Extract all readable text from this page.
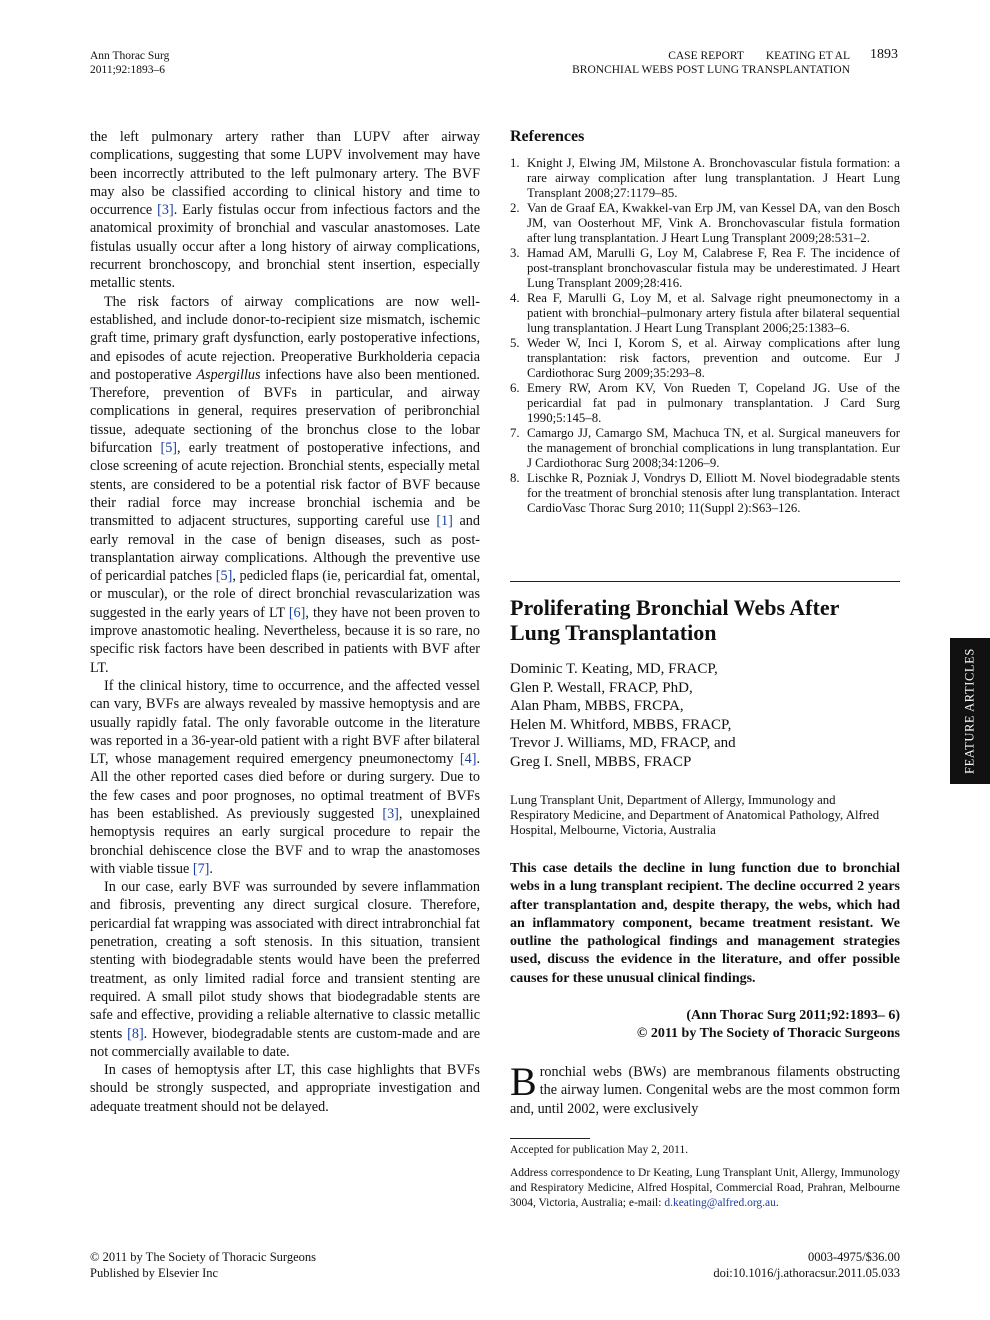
Ann Thorac Surg
2011;92:1893–6
CASE REPORT KEATING ET AL
BRONCHIAL WEBS POST LUNG TRANSPLANTATION
1893

the left pulmonary artery rather than LUPV after airway complications, suggesting that some LUPV involvement may have been incorrectly attributed to the left pulmonary artery. The BVF may also be classified according to clinical history and time to occurrence [3]. Early fistulas occur from infectious factors and the anatomical proximity of bronchial and vascular anastomoses. Late fistulas usually occur after a long history of airway complications, recurrent bronchoscopy, and bronchial stent insertion, especially metallic stents.

The risk factors of airway complications are now well-established, and include donor-to-recipient size mismatch, ischemic graft time, primary graft dysfunction, early postoperative infections, and episodes of acute rejection. Preoperative Burkholderia cepacia and postoperative Aspergillus infections have also been mentioned. Therefore, prevention of BVFs in particular, and airway complications in general, requires preservation of peribronchial tissue, adequate sectioning of the bronchus close to the lobar bifurcation [5], early treatment of postoperative infections, and close screening of acute rejection. Bronchial stents, especially metal stents, are considered to be a potential risk factor of BVF because their radial force may increase bronchial ischemia and be transmitted to adjacent structures, supporting careful use [1] and early removal in the case of benign diseases, such as post-transplantation airway complications. Although the preventive use of pericardial patches [5], pedicled flaps (ie, pericardial fat, omental, or muscular), or the role of direct bronchial revascularization was suggested in the early years of LT [6], they have not been proven to improve anastomotic healing. Nevertheless, because it is so rare, no specific risk factors have been described in patients with BVF after LT.

If the clinical history, time to occurrence, and the affected vessel can vary, BVFs are always revealed by massive hemoptysis and are usually rapidly fatal. The only favorable outcome in the literature was reported in a 36-year-old patient with a right BVF after bilateral LT, whose management required emergency pneumonectomy [4]. All the other reported cases died before or during surgery. Due to the few cases and poor prognoses, no optimal treatment of BVFs has been established. As previously suggested [3], unexplained hemoptysis requires an early surgical procedure to repair the bronchial dehiscence close the BVF and to wrap the anastomoses with viable tissue [7].

In our case, early BVF was surrounded by severe inflammation and fibrosis, preventing any direct surgical closure. Therefore, pericardial fat wrapping was associated with direct intrabronchial fat penetration, creating a soft stenosis. In this situation, transient stenting with biodegradable stents would have been the preferred treatment, as only limited radial force and transient stenting are required. A small pilot study shows that biodegradable stents are safe and effective, providing a reliable alternative to classic metallic stents [8]. However, biodegradable stents are custom-made and are not commercially available to date.

In cases of hemoptysis after LT, this case highlights that BVFs should be strongly suspected, and appropriate investigation and adequate treatment should not be delayed.

References

1. Knight J, Elwing JM, Milstone A. Bronchovascular fistula formation: a rare airway complication after lung transplantation. J Heart Lung Transplant 2008;27:1179–85.

2. Van de Graaf EA, Kwakkel-van Erp JM, van Kessel DA, van den Bosch JM, van Oosterhout MF, Vink A. Bronchovascular fistula formation after lung transplantation. J Heart Lung Transplant 2009;28:531–2.

3. Hamad AM, Marulli G, Loy M, Calabrese F, Rea F. The incidence of post-transplant bronchovascular fistula may be underestimated. J Heart Lung Transplant 2009;28:416.

4. Rea F, Marulli G, Loy M, et al. Salvage right pneumonectomy in a patient with bronchial–pulmonary artery fistula after bilateral sequential lung transplantation. J Heart Lung Transplant 2006;25:1383–6.

5. Weder W, Inci I, Korom S, et al. Airway complications after lung transplantation: risk factors, prevention and outcome. Eur J Cardiothorac Surg 2009;35:293–8.

6. Emery RW, Arom KV, Von Rueden T, Copeland JG. Use of the pericardial fat pad in pulmonary transplantation. J Card Surg 1990;5:145–8.

7. Camargo JJ, Camargo SM, Machuca TN, et al. Surgical maneuvers for the management of bronchial complications in lung transplantation. Eur J Cardiothorac Surg 2008;34:1206–9.

8. Lischke R, Pozniak J, Vondrys D, Elliott M. Novel biodegradable stents for the treatment of bronchial stenosis after lung transplantation. Interact CardioVasc Thorac Surg 2010; 11(Suppl 2):S63–126.

Proliferating Bronchial Webs After
Lung Transplantation
Dominic T. Keating, MD, FRACP,
Glen P. Westall, FRACP, PhD,
Alan Pham, MBBS, FRCPA,
Helen M. Whitford, MBBS, FRACP,
Trevor J. Williams, MD, FRACP, and
Greg I. Snell, MBBS, FRACP
Lung Transplant Unit, Department of Allergy, Immunology and Respiratory Medicine, and Department of Anatomical Pathology, Alfred Hospital, Melbourne, Victoria, Australia
This case details the decline in lung function due to bronchial webs in a lung transplant recipient. The decline occurred 2 years after transplantation and, despite therapy, the webs, which had an inflammatory component, became treatment resistant. We outline the pathological findings and management strategies used, discuss the evidence in the literature, and offer possible causes for these unusual clinical findings.
(Ann Thorac Surg 2011;92:1893– 6)
© 2011 by The Society of Thoracic Surgeons
Bronchial webs (BWs) are membranous filaments obstructing the airway lumen. Congenital webs are the most common form and, until 2002, were exclusively
Accepted for publication May 2, 2011.
Address correspondence to Dr Keating, Lung Transplant Unit, Allergy, Immunology and Respiratory Medicine, Alfred Hospital, Commercial Road, Prahran, Melbourne 3004, Victoria, Australia; e-mail: d.keating@alfred.org.au.
FEATURE ARTICLES
© 2011 by The Society of Thoracic Surgeons
Published by Elsevier Inc
0003-4975/$36.00
doi:10.1016/j.athoracsur.2011.05.033
